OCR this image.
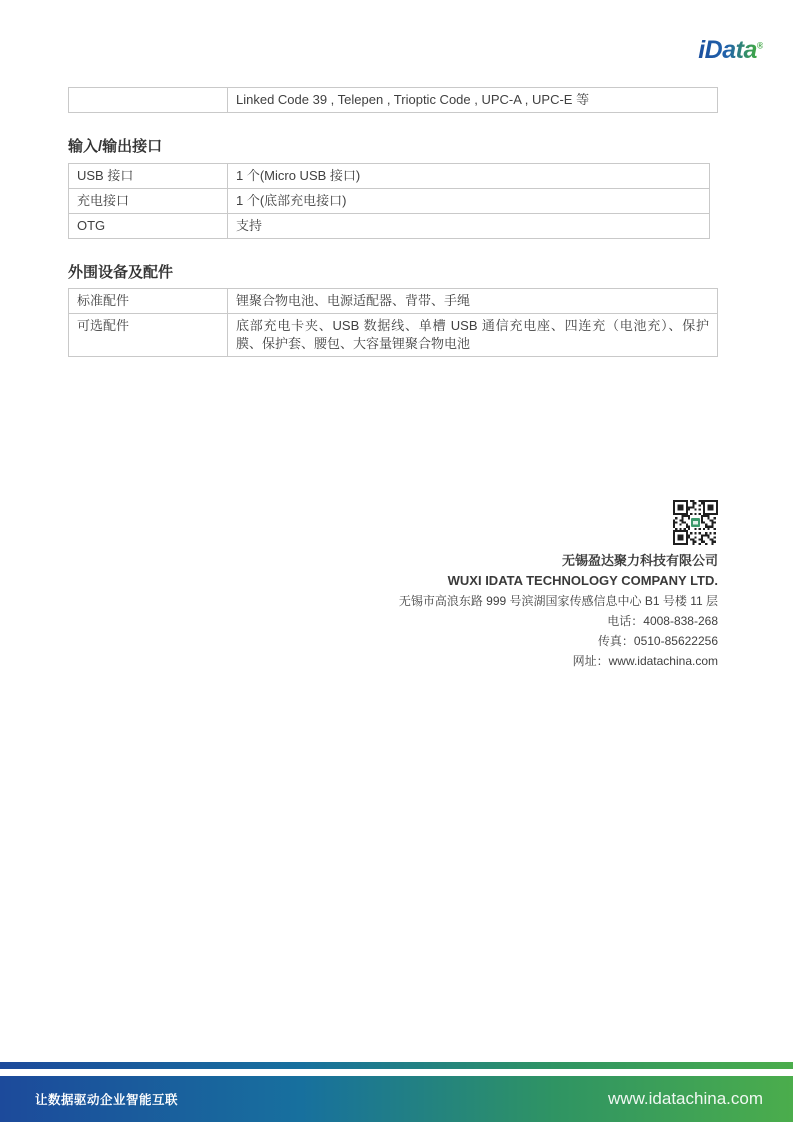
iData®
Linked Code 39 , Telepen , Trioptic Code , UPC-A , UPC-E 等
输入/输出接口
USB 接口	1 个(Micro USB 接口)
充电接口	1 个(底部充电接口)
OTG	支持
外围设备及配件
标准配件	锂聚合物电池、电源适配器、背带、手绳
可选配件	底部充电卡夹、USB 数据线、单槽 USB 通信充电座、四连充（电池充）、保护膜、保护套、腰包、大容量锂聚合物电池
无锡盈达聚力科技有限公司
WUXI IDATA TECHNOLOGY COMPANY LTD.
无锡市高浪东路 999 号滨湖国家传感信息中心 B1 号楼 11 层
电话：4008-838-268
传真：0510-85622256
网址：www.idatachina.com
让数据驱动企业智能互联	www.idatachina.com
